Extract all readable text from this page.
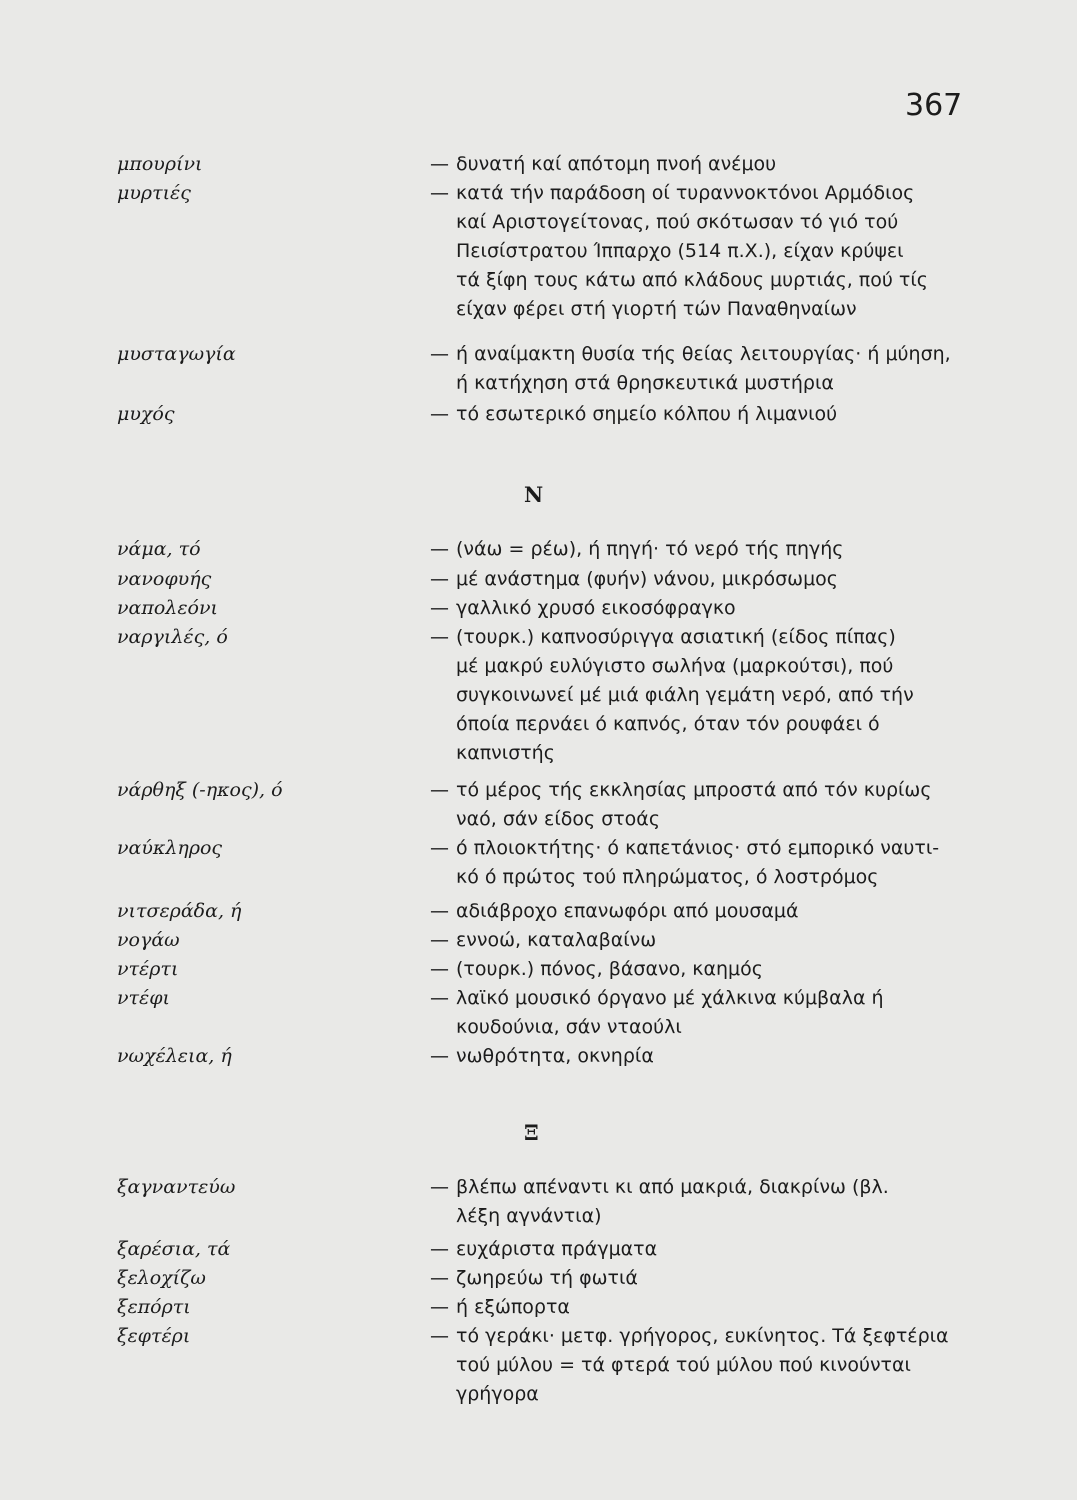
367
μπουρίνι	— δυνατή καί απότομη πνοή ανέμου
μυρτιές	— κατά τήν παράδοση οί τυραννοκτόνοι Αρμόδιος
καί Αριστογείτονας, πού σκότωσαν τό γιό τού
Πεισίστρατου Ίππαρχο (514 π.Χ.), είχαν κρύψει
τά ξίφη τους κάτω από κλάδους μυρτιάς, πού τίς
είχαν φέρει στή γιορτή τών Παναθηναίων
μυσταγωγία	— ή αναίμακτη θυσία τής θείας λειτουργίας· ή μύηση,
ή κατήχηση στά θρησκευτικά μυστήρια
μυχός	— τό εσωτερικό σημείο κόλπου ή λιμανιού
Ν
νάμα, τό	— (νάω = ρέω), ή πηγή· τό νερό τής πηγής
νανοφυής	— μέ ανάστημα (φυήν) νάνου, μικρόσωμος
ναπολεόνι	— γαλλικό χρυσό εικοσόφραγκο
ναργιλές, ό	— (τουρκ.) καπνοσύριγγα ασιατική (είδος πίπας)
μέ μακρύ ευλύγιστο σωλήνα (μαρκούτσι), πού
συγκοινωνεί μέ μιά φιάλη γεμάτη νερό, από τήν
όποία περνάει ό καπνός, όταν τόν ρουφάει ό
καπνιστής
νάρθηξ (-ηκος), ό	— τό μέρος τής εκκλησίας μπροστά από τόν κυρίως
ναό, σάν είδος στοάς
ναύκληρος	— ό πλοιοκτήτης· ό καπετάνιος· στό εμπορικό ναυτι-
κό ό πρώτος τού πληρώματος, ό λοστρόμος
νιτσεράδα, ή	— αδιάβροχο επανωφόρι από μουσαμά
νογάω	— εννοώ, καταλαβαίνω
ντέρτι	— (τουρκ.) πόνος, βάσανο, καημός
ντέφι	— λαϊκό μουσικό όργανο μέ χάλκινα κύμβαλα ή
κουδούνια, σάν νταούλι
νωχέλεια, ή	— νωθρότητα, οκνηρία
Ξ
ξαγναντεύω	— βλέπω απέναντι κι από μακριά, διακρίνω (βλ.
λέξη αγνάντια)
ξαρέσια, τά	— ευχάριστα πράγματα
ξελοχίζω	— ζωηρεύω τή φωτιά
ξεπόρτι	— ή εξώπορτα
ξεφτέρι	— τό γεράκι· μετφ. γρήγορος, ευκίνητος. Τά ξεφτέρια
τού μύλου = τά φτερά τού μύλου πού κινούνται
γρήγορα
